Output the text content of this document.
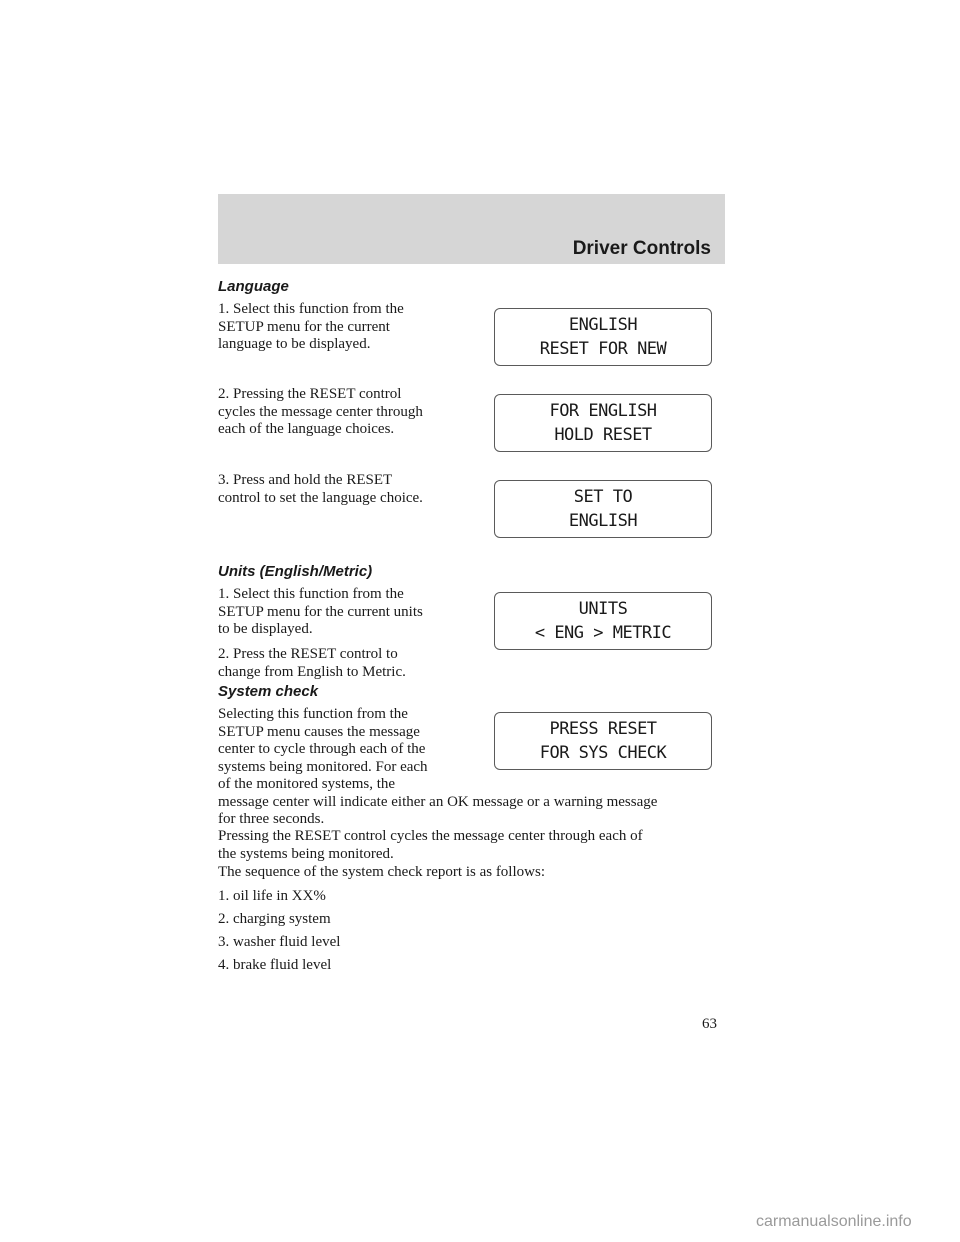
Driver Controls
Language
1. Select this function from the
SETUP menu for the current
language to be displayed.
2. Pressing the RESET control
cycles the message center through
each of the language choices.
3. Press and hold the RESET
control to set the language choice.
ENGLISH
RESET FOR NEW
FOR ENGLISH
HOLD RESET
SET TO
ENGLISH
Units (English/Metric)
1. Select this function from the
SETUP menu for the current units
to be displayed.
2. Press the RESET control to
change from English to Metric.
UNITS
< ENG > METRIC
System check
Selecting this function from the
SETUP menu causes the message
center to cycle through each of the
systems being monitored. For each
of the monitored systems, the
message center will indicate either an OK message or a warning message
for three seconds.
Pressing the RESET control cycles the message center through each of
the systems being monitored.
The sequence of the system check report is as follows:
1. oil life in XX%
2. charging system
3. washer fluid level
4. brake fluid level
PRESS RESET
FOR SYS CHECK
63
carmanualsonline.info
